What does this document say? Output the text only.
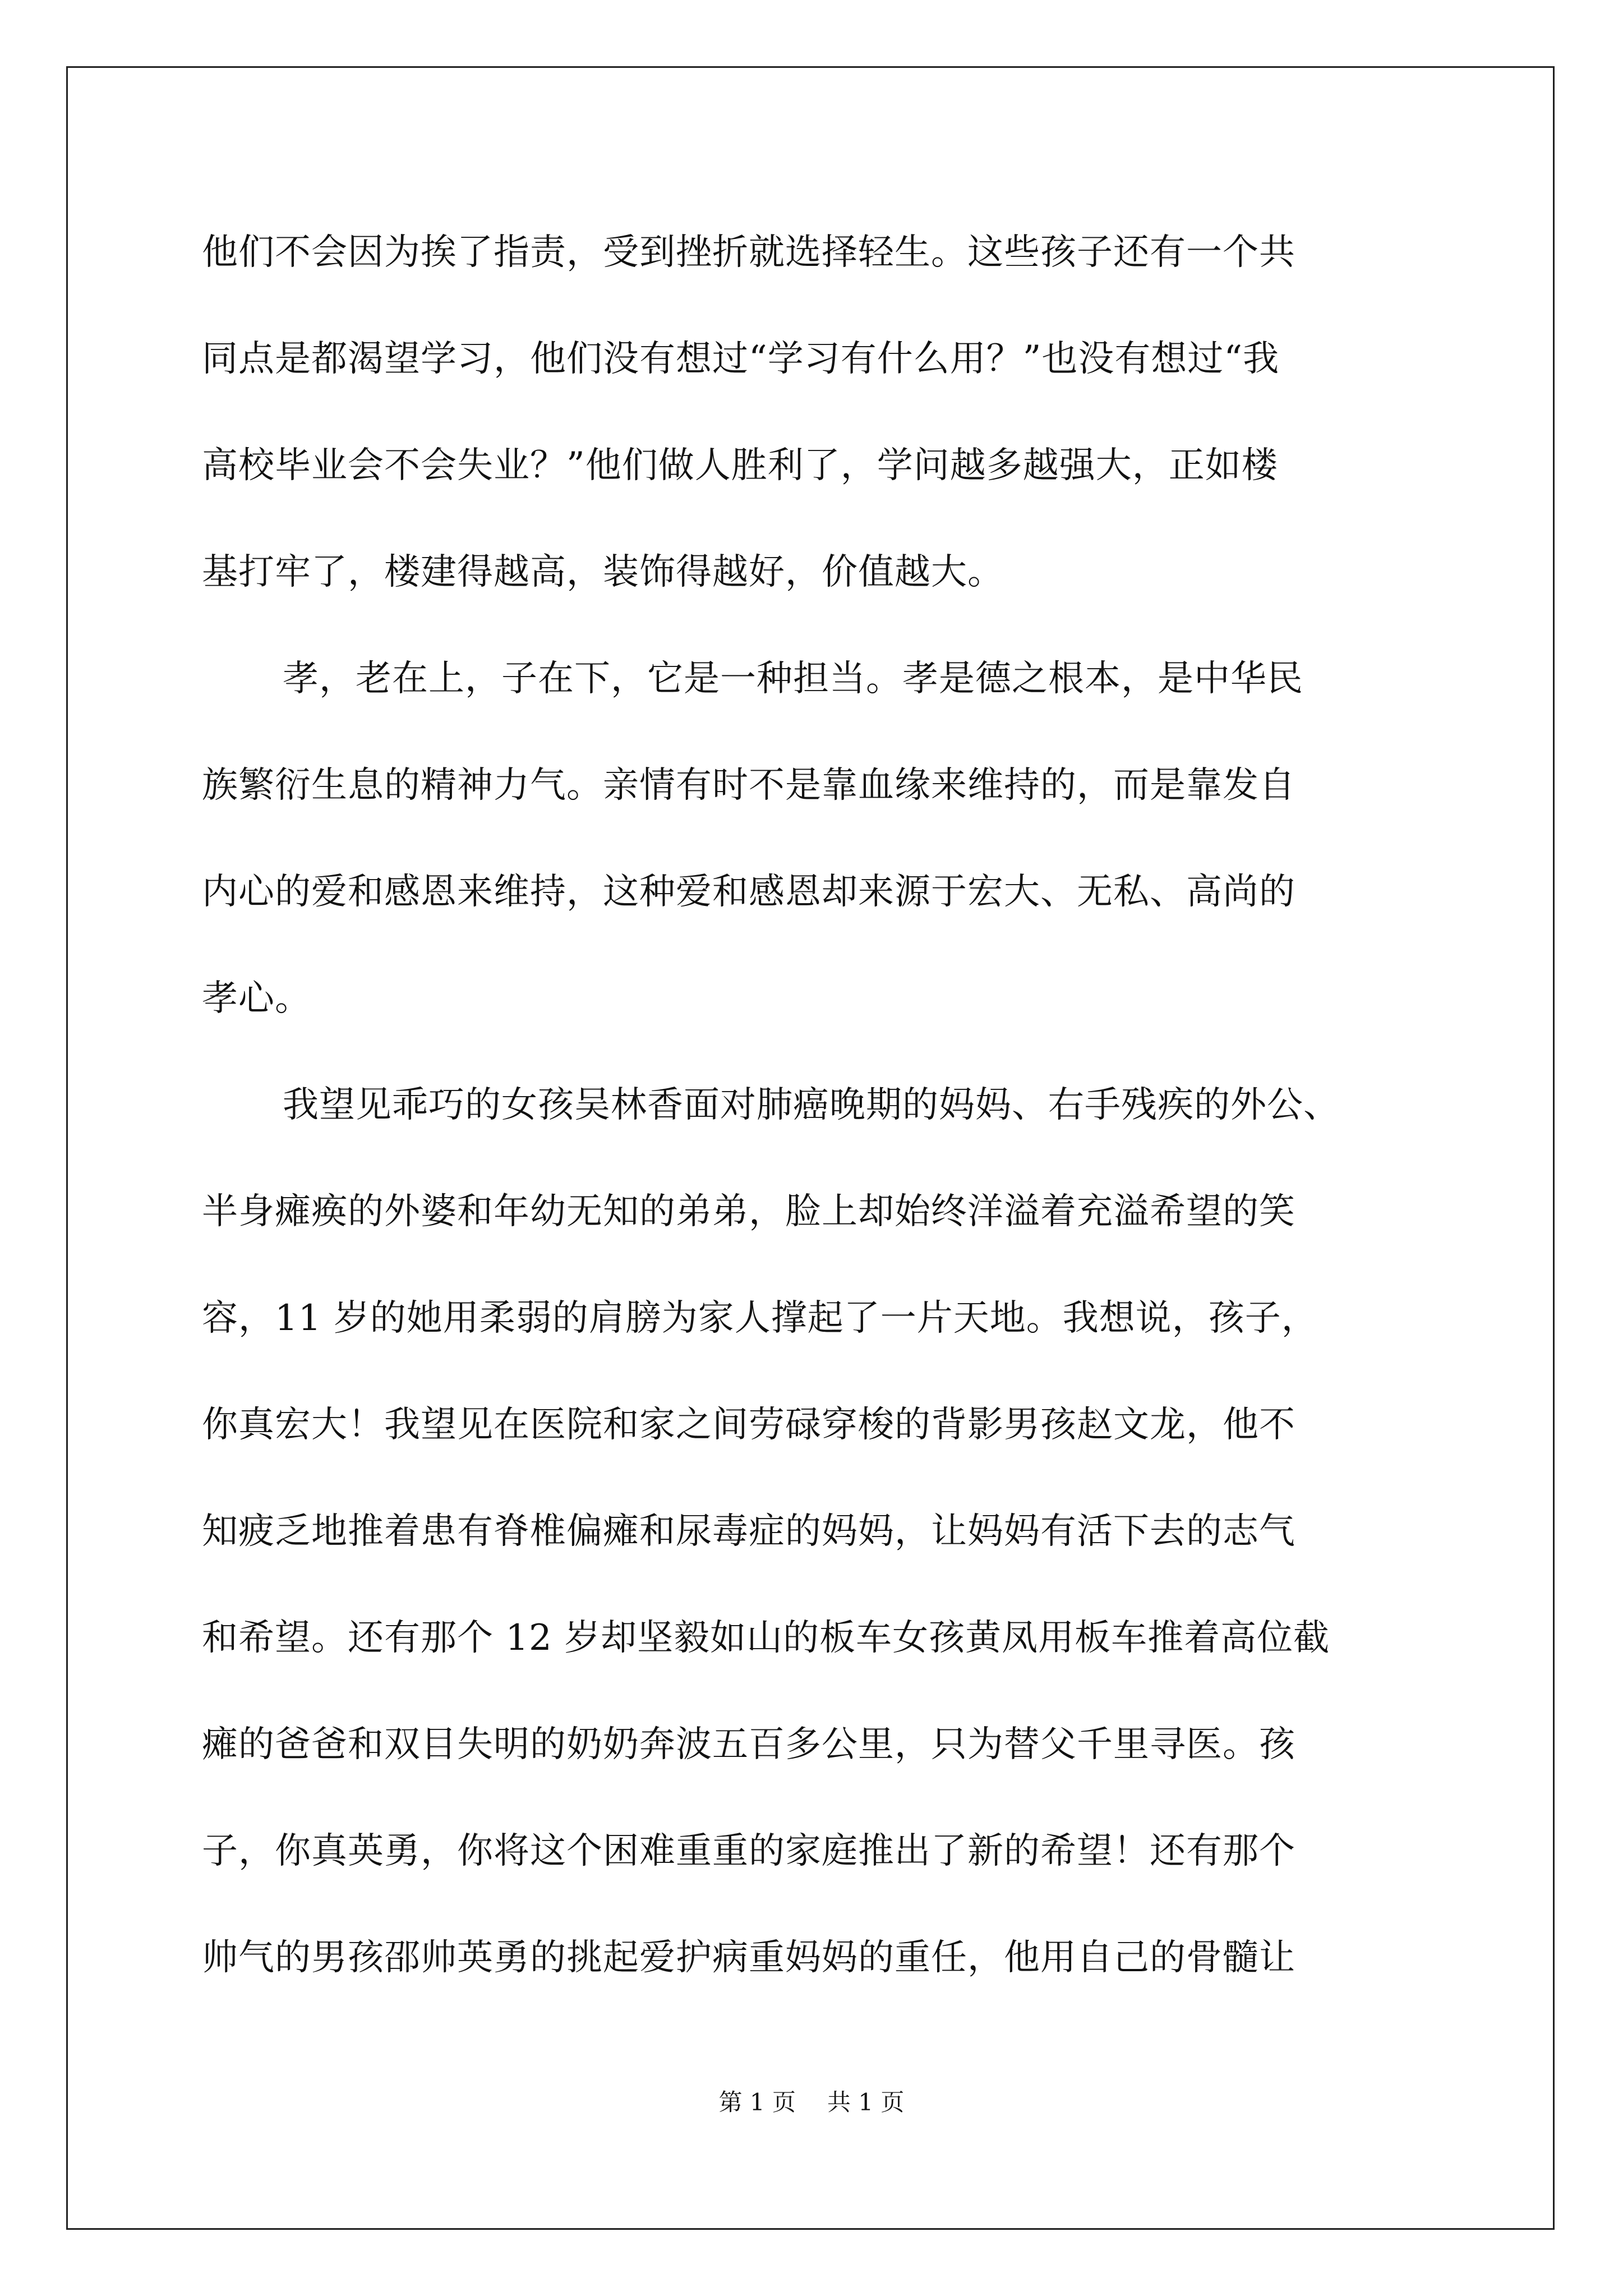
他们不会因为挨了指责，受到挫折就选择轻生。这些孩子还有一个共

同点是都渴望学习，他们没有想过“学习有什么用？”也没有想过“我

高校毕业会不会失业？”他们做人胜利了，学问越多越强大，正如楼

基打牢了，楼建得越高，装饰得越好，价值越大。

孝，老在上，子在下，它是一种担当。孝是德之根本，是中华民

族繁衍生息的精神力气。亲情有时不是靠血缘来维持的，而是靠发自

内心的爱和感恩来维持，这种爱和感恩却来源于宏大、无私、高尚的

孝心。

我望见乖巧的女孩吴林香面对肺癌晚期的妈妈、右手残疾的外公、

半身瘫痪的外婆和年幼无知的弟弟，脸上却始终洋溢着充溢希望的笑

容，11 岁的她用柔弱的肩膀为家人撑起了一片天地。我想说，孩子，

你真宏大！我望见在医院和家之间劳碌穿梭的背影男孩赵文龙，他不

知疲乏地推着患有脊椎偏瘫和尿毒症的妈妈，让妈妈有活下去的志气

和希望。还有那个 12 岁却坚毅如山的板车女孩黄凤用板车推着高位截

瘫的爸爸和双目失明的奶奶奔波五百多公里，只为替父千里寻医。孩

子，你真英勇，你将这个困难重重的家庭推出了新的希望！还有那个

帅气的男孩邵帅英勇的挑起爱护病重妈妈的重任，他用自己的骨髓让

第 1 页 共 1 页
